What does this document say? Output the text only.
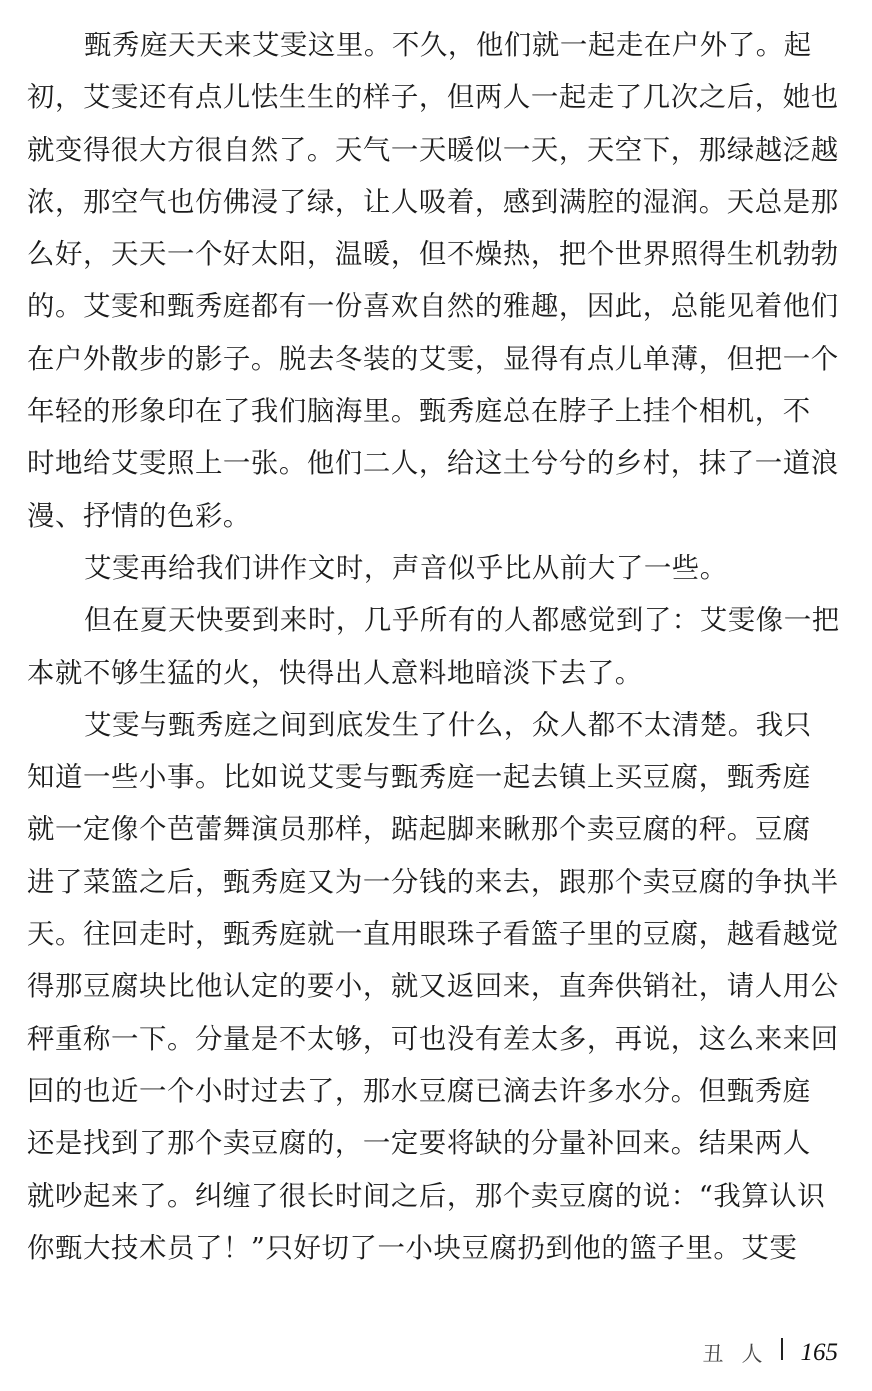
甄秀庭天天来艾雯这里。不久，他们就一起走在户外了。起
初，艾雯还有点儿怯生生的样子，但两人一起走了几次之后，她也
就变得很大方很自然了。天气一天暖似一天，天空下，那绿越泛越
浓，那空气也仿佛浸了绿，让人吸着，感到满腔的湿润。天总是那
么好，天天一个好太阳，温暖，但不燥热，把个世界照得生机勃勃
的。艾雯和甄秀庭都有一份喜欢自然的雅趣，因此，总能见着他们
在户外散步的影子。脱去冬装的艾雯，显得有点儿单薄，但把一个
年轻的形象印在了我们脑海里。甄秀庭总在脖子上挂个相机，不
时地给艾雯照上一张。他们二人，给这土兮兮的乡村，抹了一道浪
漫、抒情的色彩。
艾雯再给我们讲作文时，声音似乎比从前大了一些。
但在夏天快要到来时，几乎所有的人都感觉到了：艾雯像一把
本就不够生猛的火，快得出人意料地暗淡下去了。
艾雯与甄秀庭之间到底发生了什么，众人都不太清楚。我只
知道一些小事。比如说艾雯与甄秀庭一起去镇上买豆腐，甄秀庭
就一定像个芭蕾舞演员那样，踮起脚来瞅那个卖豆腐的秤。豆腐
进了菜篮之后，甄秀庭又为一分钱的来去，跟那个卖豆腐的争执半
天。往回走时，甄秀庭就一直用眼珠子看篮子里的豆腐，越看越觉
得那豆腐块比他认定的要小，就又返回来，直奔供销社，请人用公
秤重称一下。分量是不太够，可也没有差太多，再说，这么来来回
回的也近一个小时过去了，那水豆腐已滴去许多水分。但甄秀庭
还是找到了那个卖豆腐的，一定要将缺的分量补回来。结果两人
就吵起来了。纠缠了很长时间之后，那个卖豆腐的说：“我算认识
你甄大技术员了！”只好切了一小块豆腐扔到他的篮子里。艾雯
丑人 165
